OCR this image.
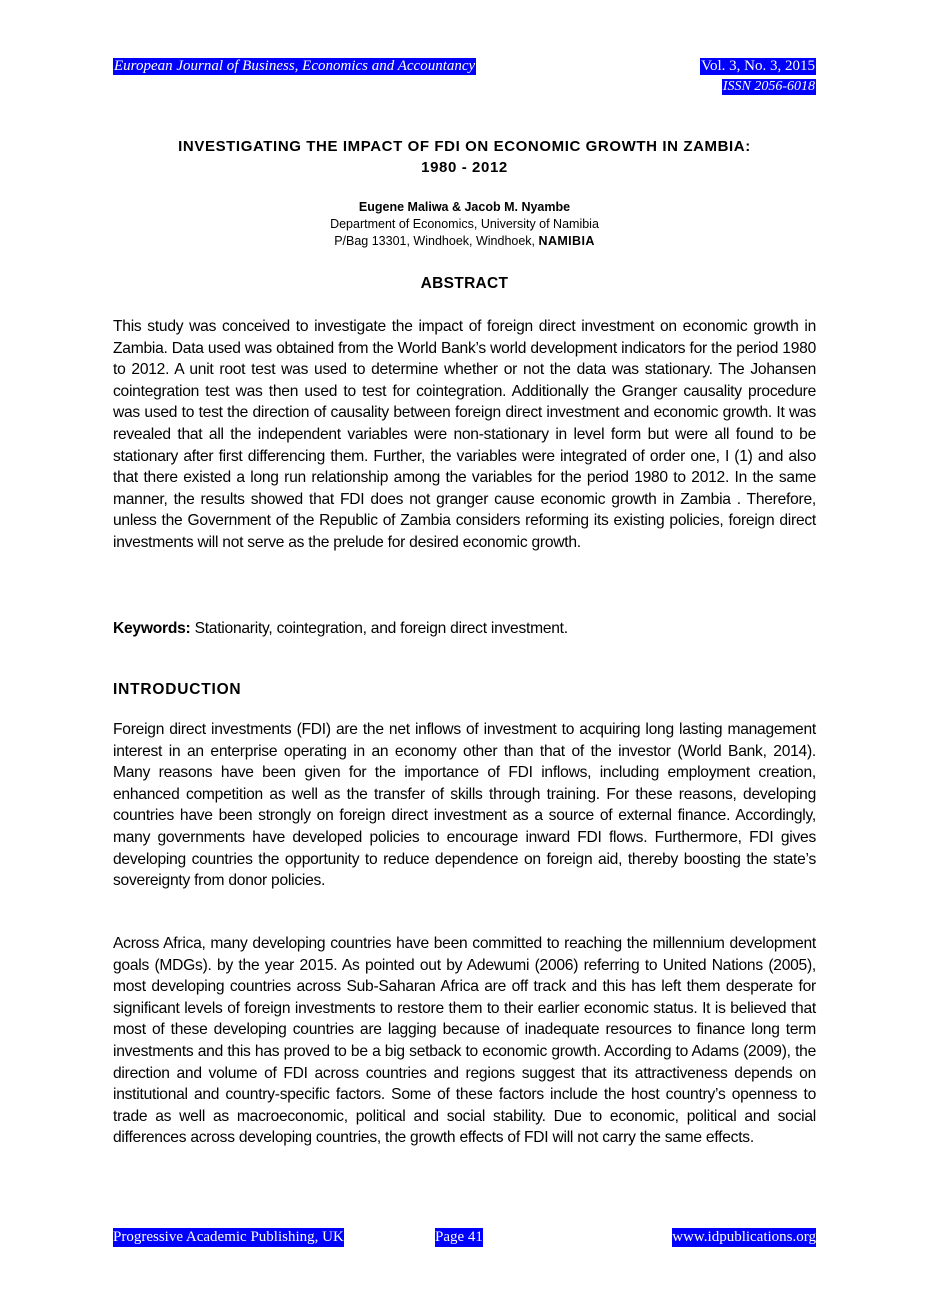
European Journal of Business, Economics and Accountancy	Vol. 3, No. 3, 2015
ISSN 2056-6018
INVESTIGATING THE IMPACT OF FDI ON ECONOMIC GROWTH IN ZAMBIA:
1980 - 2012
Eugene Maliwa & Jacob M. Nyambe
Department of Economics, University of Namibia
P/Bag 13301, Windhoek, Windhoek, NAMIBIA
ABSTRACT

This study was conceived to investigate the impact of foreign direct investment on economic growth in Zambia. Data used was obtained from the World Bank’s world development indicators for the period 1980 to 2012. A unit root test was used to determine whether or not the data was stationary. The Johansen cointegration test was then used to test for cointegration. Additionally the Granger causality procedure was used to test the direction of causality between foreign direct investment and economic growth. It was revealed that all the independent variables were non-stationary in level form but were all found to be stationary after first differencing them. Further, the variables were integrated of order one, I (1) and also that there existed a long run relationship among the variables for the period 1980 to 2012. In the same manner, the results showed that FDI does not granger cause economic growth in Zambia . Therefore, unless the Government of the Republic of Zambia considers reforming its existing policies, foreign direct investments will not serve as the prelude for desired economic growth.

Keywords: Stationarity, cointegration, and foreign direct investment.
INTRODUCTION

Foreign direct investments (FDI) are the net inflows of investment to acquiring long lasting management interest in an enterprise operating in an economy other than that of the investor (World Bank, 2014). Many reasons have been given for the importance of FDI inflows, including employment creation, enhanced competition as well as the transfer of skills through training. For these reasons, developing countries have been strongly on foreign direct investment as a source of external finance. Accordingly, many governments have developed policies to encourage inward FDI flows. Furthermore, FDI gives developing countries the opportunity to reduce dependence on foreign aid, thereby boosting the state’s sovereignty from donor policies.

Across Africa, many developing countries have been committed to reaching the millennium development goals (MDGs). by the year 2015. As pointed out by Adewumi (2006) referring to United Nations (2005), most developing countries across Sub-Saharan Africa are off track and this has left them desperate for significant levels of foreign investments to restore them to their earlier economic status. It is believed that most of these developing countries are lagging because of inadequate resources to finance long term investments and this has proved to be a big setback to economic growth. According to Adams (2009), the direction and volume of FDI across countries and regions suggest that its attractiveness depends on institutional and country-specific factors. Some of these factors include the host country’s openness to trade as well as macroeconomic, political and social stability. Due to economic, political and social differences across developing countries, the growth effects of FDI will not carry the same effects.

Progressive Academic Publishing, UK	Page 41	www.idpublications.org
